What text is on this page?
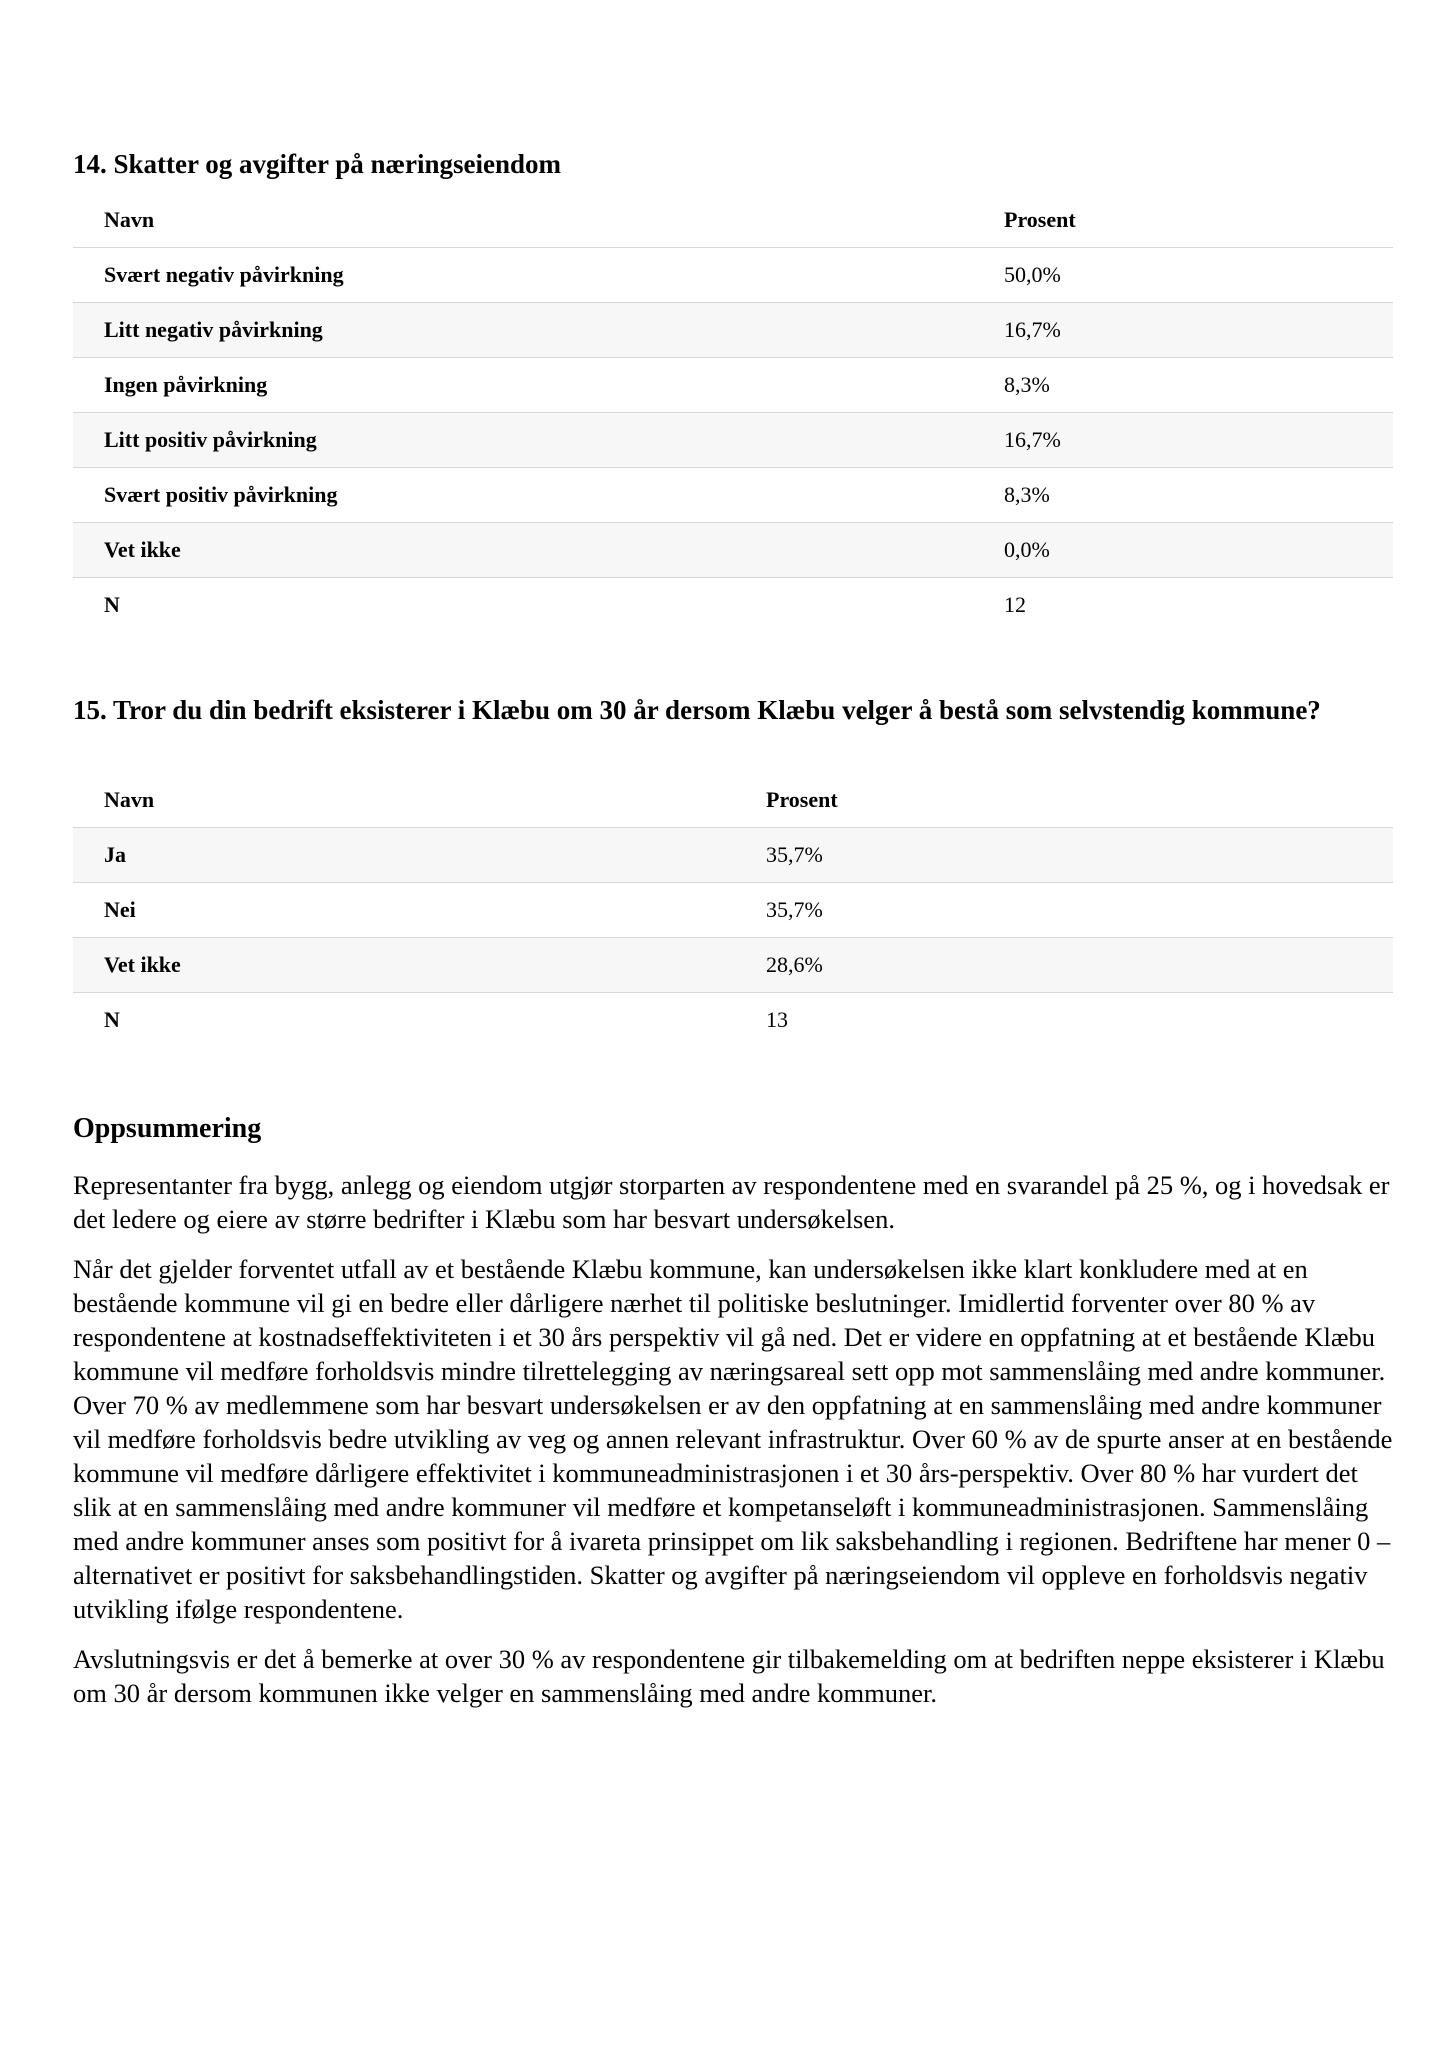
14. Skatter og avgifter på næringseiendom
Navn	Prosent
Svært negativ påvirkning	50,0%
Litt negativ påvirkning	16,7%
Ingen påvirkning	8,3%
Litt positiv påvirkning	16,7%
Svært positiv påvirkning	8,3%
Vet ikke	0,0%
N	12
15. Tror du din bedrift eksisterer i Klæbu om 30 år dersom Klæbu velger å bestå som selvstendig kommune?
Navn	Prosent
Ja	35,7%
Nei	35,7%
Vet ikke	28,6%
N	13
Oppsummering

Representanter fra bygg, anlegg og eiendom utgjør storparten av respondentene med en svarandel på 25 %, og i hovedsak er det ledere og eiere av større bedrifter i Klæbu som har besvart undersøkelsen.

Når det gjelder forventet utfall av et bestående Klæbu kommune, kan undersøkelsen ikke klart konkludere med at en bestående kommune vil gi en bedre eller dårligere nærhet til politiske beslutninger. Imidlertid forventer over 80 % av respondentene at kostnadseffektiviteten i et 30 års perspektiv vil gå ned. Det er videre en oppfatning at et bestående Klæbu kommune vil medføre forholdsvis mindre tilrettelegging av næringsareal sett opp mot sammenslåing med andre kommuner. Over 70 % av medlemmene som har besvart undersøkelsen er av den oppfatning at en sammenslåing med andre kommuner vil medføre forholdsvis bedre utvikling av veg og annen relevant infrastruktur. Over 60 % av de spurte anser at en bestående kommune vil medføre dårligere effektivitet i kommuneadministrasjonen i et 30 års-perspektiv. Over 80 % har vurdert det slik at en sammenslåing med andre kommuner vil medføre et kompetanseløft i kommuneadministrasjonen. Sammenslåing med andre kommuner anses som positivt for å ivareta prinsippet om lik saksbehandling i regionen. Bedriftene har mener 0 – alternativet er positivt for saksbehandlingstiden. Skatter og avgifter på næringseiendom vil oppleve en forholdsvis negativ utvikling ifølge respondentene.

Avslutningsvis er det å bemerke at over 30 % av respondentene gir tilbakemelding om at bedriften neppe eksisterer i Klæbu om 30 år dersom kommunen ikke velger en sammenslåing med andre kommuner.
